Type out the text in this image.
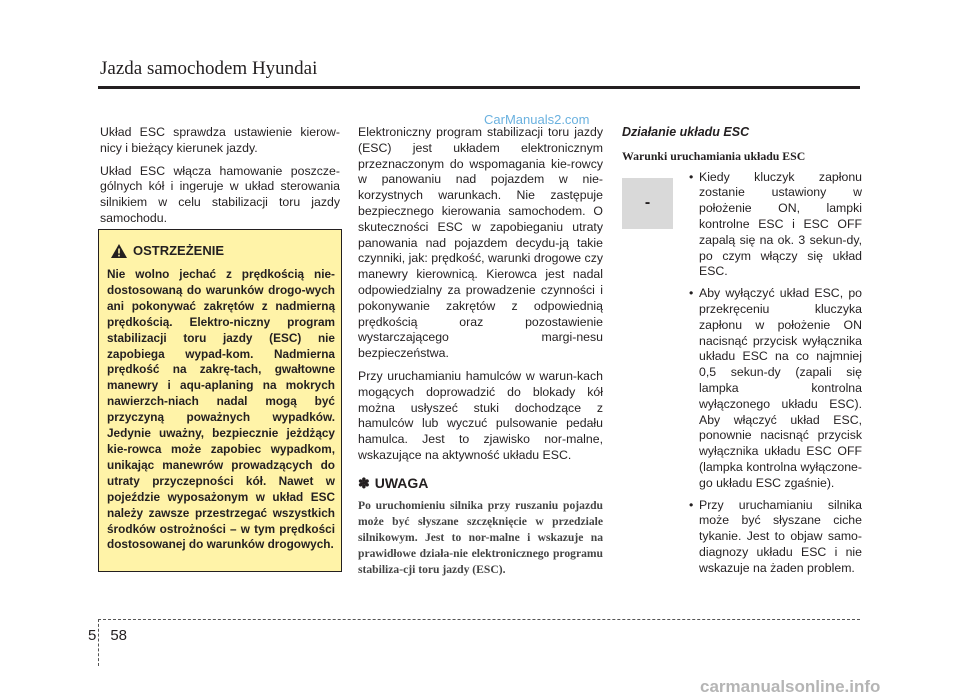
Jazda samochodem Hyundai
CarManuals2.com

Układ ESC sprawdza ustawienie kierow-nicy i bieżący kierunek jazdy.

Układ ESC włącza hamowanie poszcze-gólnych kół i ingeruje w układ sterowania silnikiem w celu stabilizacji toru jazdy samochodu.

OSTRZEŻENIE
Nie wolno jechać z prędkością nie-dostosowaną do warunków drogo-wych ani pokonywać zakrętów z nadmierną prędkością. Elektro-niczny program stabilizacji toru jazdy (ESC) nie zapobiega wypad-kom. Nadmierna prędkość na zakrę-tach, gwałtowne manewry i aqu-aplaning na mokrych nawierzch-niach nadal mogą być przyczyną poważnych wypadków. Jedynie uważny, bezpiecznie jeżdżący kie-rowca może zapobiec wypadkom, unikając manewrów prowadzących do utraty przyczepności kół. Nawet w pojeździe wyposażonym w układ ESC należy zawsze przestrzegać wszystkich środków ostrożności – w tym prędkości dostosowanej do warunków drogowych.

Elektroniczny program stabilizacji toru jazdy (ESC) jest układem elektronicznym przeznaczonym do wspomagania kie-rowcy w panowaniu nad pojazdem w nie-korzystnych warunkach. Nie zastępuje bezpiecznego kierowania samochodem. O skuteczności ESC w zapobieganiu utraty panowania nad pojazdem decydu-ją takie czynniki, jak: prędkość, warunki drogowe czy manewry kierownicą. Kierowca jest nadal odpowiedzialny za prowadzenie czynności i pokonywanie zakrętów z odpowiednią prędkością oraz pozostawienie wystarczającego margi-nesu bezpieczeństwa.

Przy uruchamianiu hamulców w warun-kach mogących doprowadzić do blokady kół można usłyszeć stuki dochodzące z hamulców lub wyczuć pulsowanie pedału hamulca. Jest to zjawisko nor-malne, wskazujące na aktywność układu ESC.

✽ UWAGA
Po uruchomieniu silnika przy ruszaniu pojazdu może być słyszane szczęknięcie w przedziale silnikowym. Jest to nor-malne i wskazuje na prawidłowe działa-nie elektronicznego programu stabiliza-cji toru jazdy (ESC).
Działanie układu ESC
Warunki uruchamiania układu ESC
-
• Kiedy kluczyk zapłonu zostanie ustawiony w położenie ON, lampki kontrolne ESC i ESC OFF zapalą się na ok. 3 sekun-dy, po czym włączy się układ ESC.
• Aby wyłączyć układ ESC, po przekręceniu kluczyka zapłonu w położenie ON nacisnąć przycisk wyłącznika układu ESC na co najmniej 0,5 sekun-dy (zapali się lampka kontrolna wyłączonego układu ESC). Aby włączyć układ ESC, ponownie nacisnąć przycisk wyłącznika układu ESC OFF (lampka kontrolna wyłączone-go układu ESC zgaśnie).
• Przy uruchamianiu silnika może być słyszane ciche tykanie. Jest to objaw samo-diagnozy układu ESC i nie wskazuje na żaden problem.
5 58
carmanualsonline.info
